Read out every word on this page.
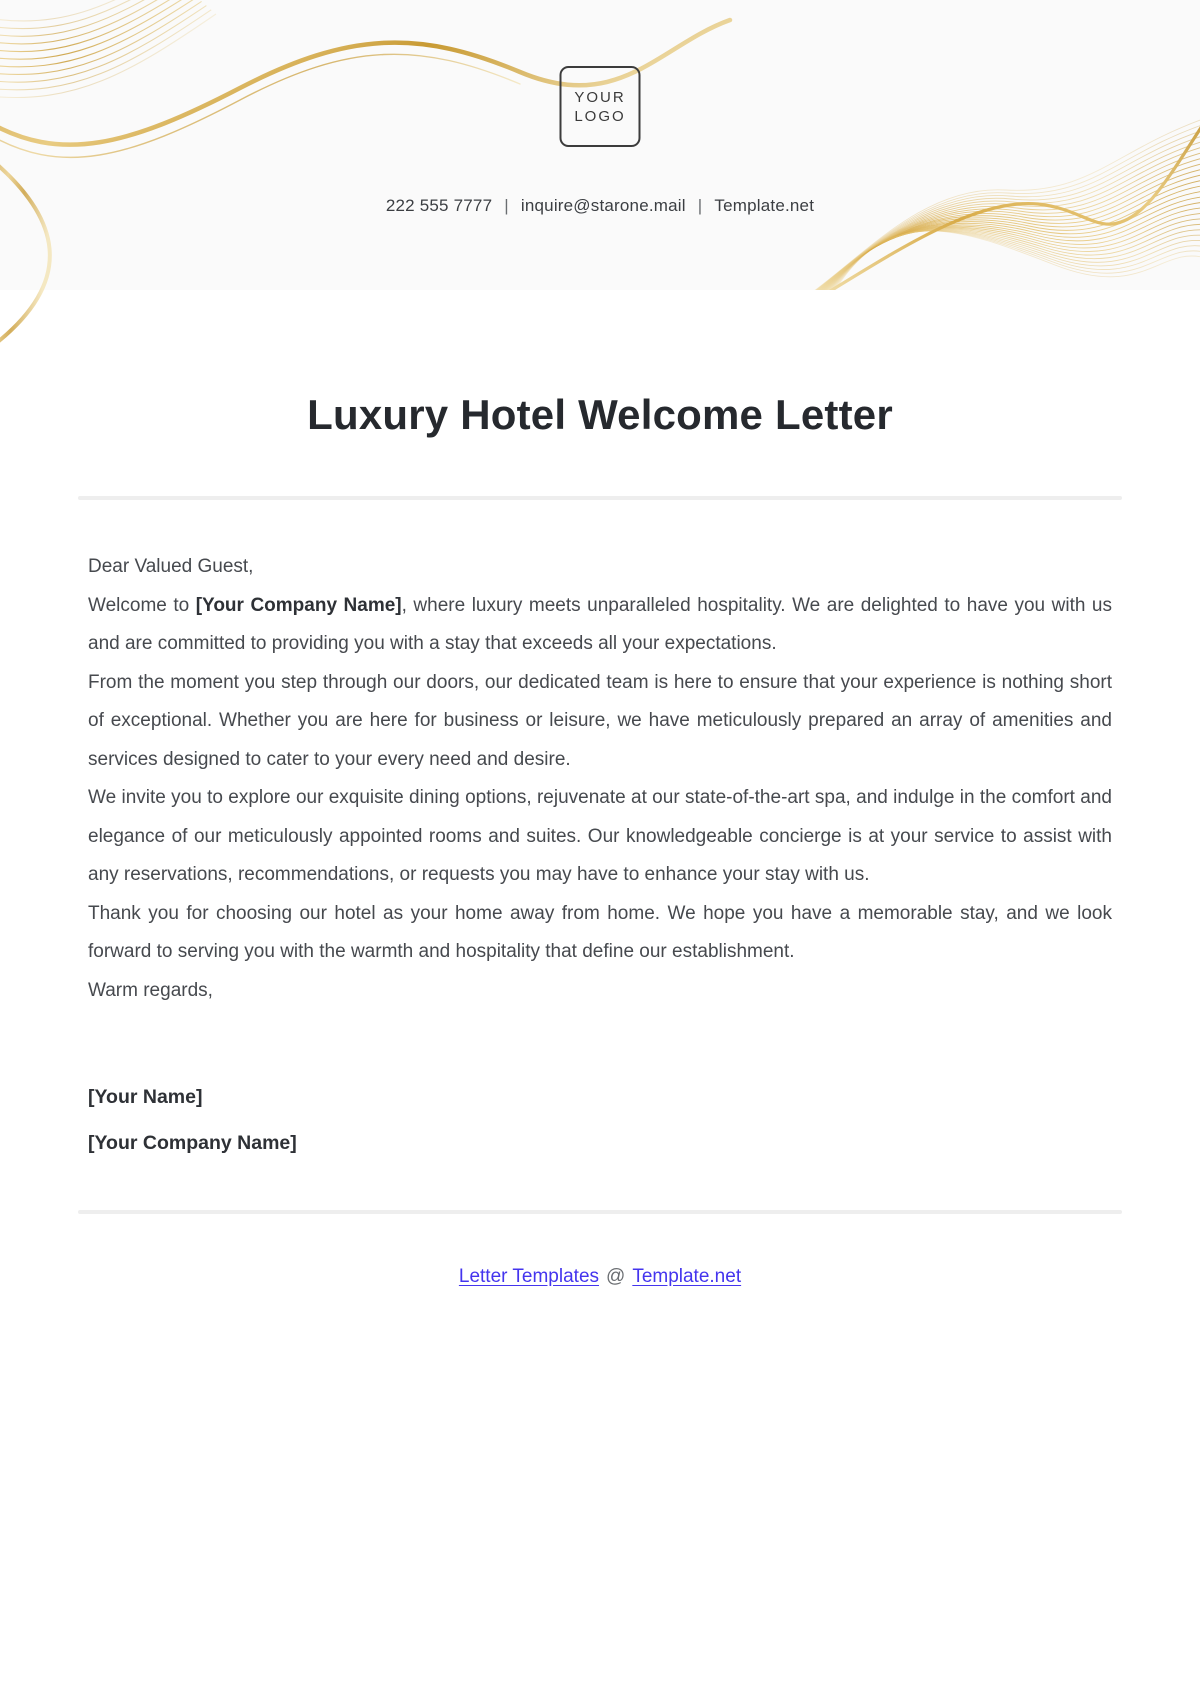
YOUR
LOGO
222 555 7777 | inquire@starone.mail | Template.net
Luxury Hotel Welcome Letter

Dear Valued Guest,

Welcome to [Your Company Name], where luxury meets unparalleled hospitality. We are delighted to have you with us and are committed to providing you with a stay that exceeds all your expectations.

From the moment you step through our doors, our dedicated team is here to ensure that your experience is nothing short of exceptional. Whether you are here for business or leisure, we have meticulously prepared an array of amenities and services designed to cater to your every need and desire.

We invite you to explore our exquisite dining options, rejuvenate at our state-of-the-art spa, and indulge in the comfort and elegance of our meticulously appointed rooms and suites. Our knowledgeable concierge is at your service to assist with any reservations, recommendations, or requests you may have to enhance your stay with us.

Thank you for choosing our hotel as your home away from home. We hope you have a memorable stay, and we look forward to serving you with the warmth and hospitality that define our establishment.

Warm regards,

[Your Name]

[Your Company Name]

Letter Templates @ Template.net
